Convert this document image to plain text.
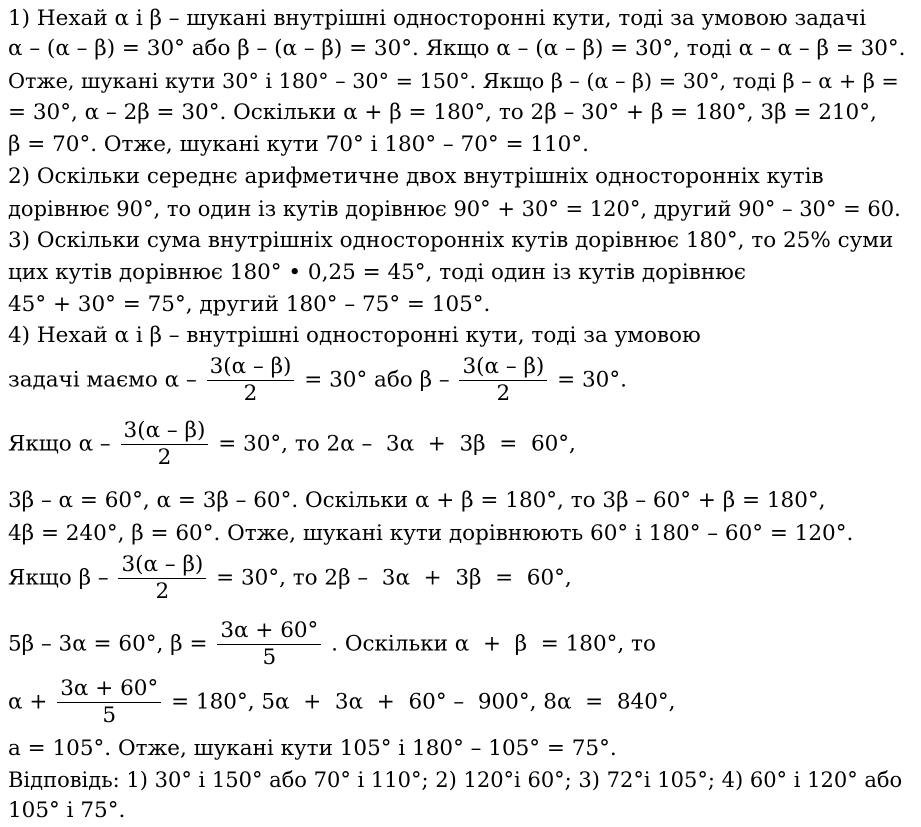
1) Нехай α і β – шукані внутрішні односторонні кути, тоді за умовою задачі
α – (α – β) = 30° або β – (α – β) = 30°. Якщо α – (α – β) = 30°, тоді α – α – β = 30°.
Отже, шукані кути 30° і 180° – 30° = 150°. Якщо β – (α – β) = 30°, тоді β – α + β =
= 30°, α – 2β = 30°. Оскільки α + β = 180°, то 2β – 30° + β = 180°, 3β = 210°,
β = 70°. Отже, шукані кути 70° і 180° – 70° = 110°.
2) Оскільки середнє арифметичне двох внутрішніх односторонніх кутів
дорівнює 90°, то один із кутів дорівнює 90° + 30° = 120°, другий 90° – 30° = 60.
3) Оскільки сума внутрішніх односторонніх кутів дорівнює 180°, то 25% суми
цих кутів дорівнює 180° • 0,25 = 45°, тоді один із кутів дорівнює
45° + 30° = 75°, другий 180° – 75° = 105°.
4) Нехай α і β – внутрішні односторонні кути, тоді за умовою
задачі маємо $\alpha - \frac{3(\alpha - \beta)}{2} = 30^\circ$ або $\beta - \frac{3(\alpha - \beta)}{2} = 30^\circ$.
Якщо $\alpha - \frac{3(\alpha - \beta)}{2} = 30^\circ$, то 2α –  3α  +  3β  =  60°,
3β – α = 60°, α = 3β – 60°. Оскільки α + β = 180°, то 3β – 60° + β = 180°,
4β = 240°, β = 60°. Отже, шукані кути дорівнюють 60° і 180° – 60° = 120°.
Якщо $\beta - \frac{3(\alpha - \beta)}{2} = 30^\circ$, то 2β –  3α  +  3β  =  60°,
5β – 3α = 60°, $\beta = \frac{3\alpha + 60^\circ}{5}$ . Оскільки α  +  β  = 180°, то
$\alpha + \frac{3\alpha + 60^\circ}{5} = 180^\circ$, 5α  +  3α  +  60° –  900°, 8α  =  840°,
a = 105°. Отже, шукані кути 105° і 180° – 105° = 75°.
Відповідь: 1) 30° і 150° або 70° і 110°; 2) 120°і 60°; 3) 72°і 105°; 4) 60° і 120° або
105° і 75°.
